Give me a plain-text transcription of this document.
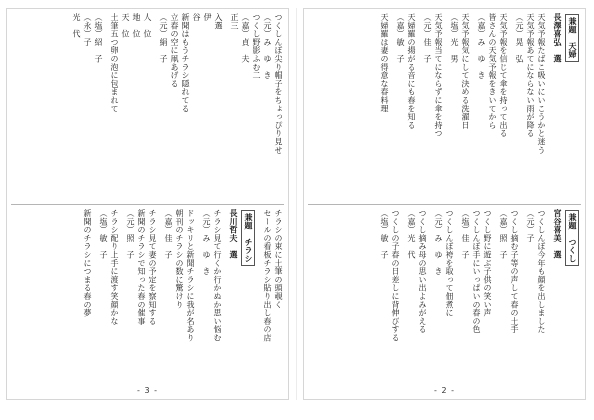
つくしんぼ尖り帽子をちょっぴり見せ
（元）み　ゆ　き
つくし野影ふむ二
（嘉）貞　夫
正三
入選
伊
谷
新聞はもうチラシ隠れてる
立春の空に凧あげる
（元）絹　子
人　位
地　位
天　位
土筆五つ卵の泡に包まれて
（塩）紹　子
（永）子
光　代
チラシの束に土筆の頭覗く
セールの看板チラシ貼り出し春の店
兼題　チラシ
長川哲夫　選
チラシ見て行くか行かぬか思い悩む
（元）み　ゆ　き
ドッキリと新聞チラシに我が名あり
朝刊のチラシの数に驚けり
（嘉）佳　子
チラシ見て妻の予定を察知する
新聞のチラシで知った春の催事
（元）照　子
チラシ配り上手に渡す笑顔かな
（塩）敏　子
新聞のチラシにつまる春の夢
- 3 -
兼題　天婦
長澤喜弘　選
天気予報たばこ吸いにいこうかと迷う
天気予報あてにならない雨が降る
（元）晃　弘
天気予報を信じて傘を持って出る
皆さんの天気予報をきいてから
（嘉）み　ゆ　き
天気予報気にして決める洗濯日
（塩）光　男
天気予報当てにならずに傘を持つ
（元）佳　子
天婦羅の揚がる音にも春を知る
（嘉）敏　子
天婦羅は妻の得意な春料理
兼題　つくし
宮谷喜美　選
つくしんぼ今年も顔を出しました
（元）子
つくし摘む子等の声して春の土手
（嘉）照　子
つくし野に遊ぶ子供の笑い声
つくしんぼ手にいっぱいの春の色
（塩）佳　子
つくしんぼ袴を取って佃煮に
（元）み　ゆ　き
つくし摘み母の思い出よみがえる
（嘉）光　代
つくしの子春の日差しに背伸びする
（塩）敏　子
- 2 -
